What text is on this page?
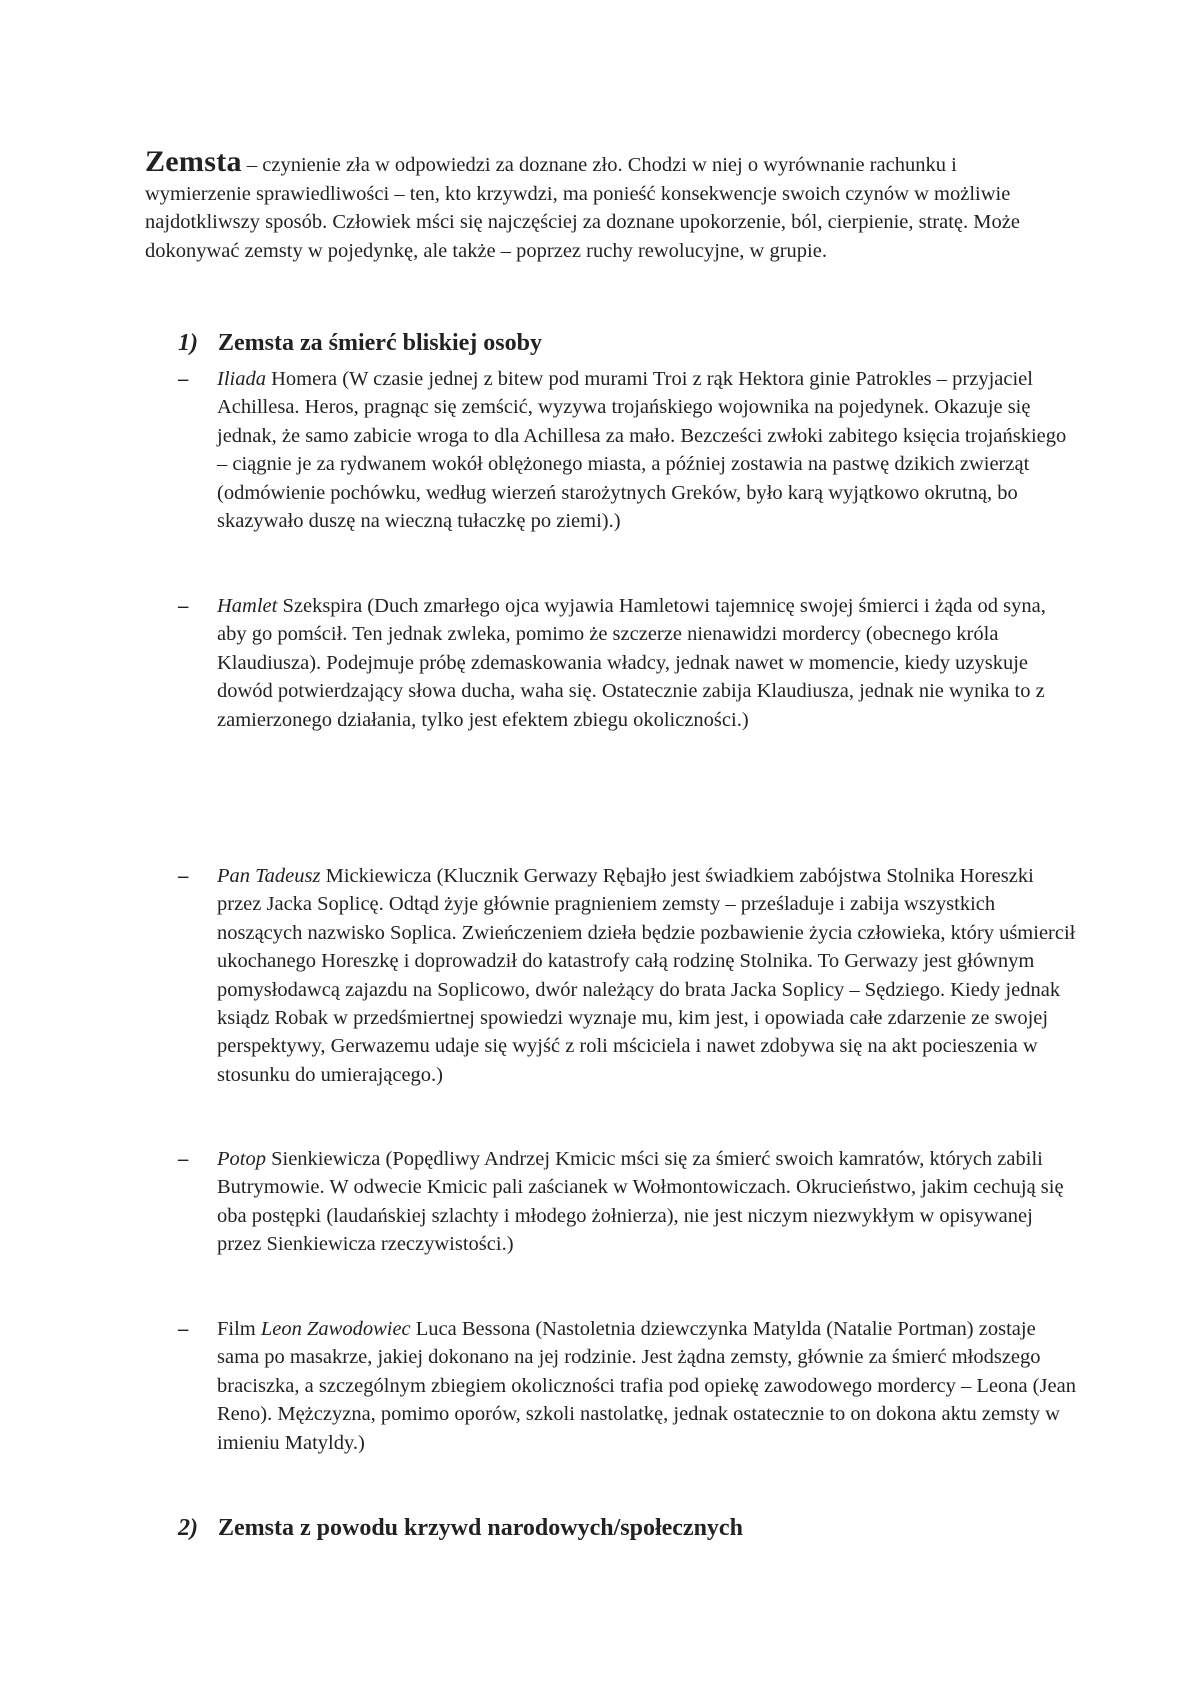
Zemsta – czynienie zła w odpowiedzi za doznane zło. Chodzi w niej o wyrównanie rachunku i wymierzenie sprawiedliwości – ten, kto krzywdzi, ma ponieść konsekwencje swoich czynów w możliwie najdotkliwszy sposób. Człowiek mści się najczęściej za doznane upokorzenie, ból, cierpienie, stratę. Może dokonywać zemsty w pojedynkę, ale także – poprzez ruchy rewolucyjne, w grupie.
1) Zemsta za śmierć bliskiej osoby
–	Iliada Homera (W czasie jednej z bitew pod murami Troi z rąk Hektora ginie Patrokles – przyjaciel Achillesa. Heros, pragnąc się zemścić, wyzywa trojańskiego wojownika na pojedynek. Okazuje się jednak, że samo zabicie wroga to dla Achillesa za mało. Bezcześci zwłoki zabitego księcia trojańskiego – ciągnie je za rydwanem wokół oblężonego miasta, a później zostawia na pastwę dzikich zwierząt (odmówienie pochówku, według wierzeń starożytnych Greków, było karą wyjątkowo okrutną, bo skazywało duszę na wieczną tułaczkę po ziemi).)
–	Hamlet Szekspira (Duch zmarłego ojca wyjawia Hamletowi tajemnicę swojej śmierci i żąda od syna, aby go pomścił. Ten jednak zwleka, pomimo że szczerze nienawidzi mordercy (obecnego króla Klaudiusza). Podejmuje próbę zdemaskowania władcy, jednak nawet w momencie, kiedy uzyskuje dowód potwierdzający słowa ducha, waha się. Ostatecznie zabija Klaudiusza, jednak nie wynika to z zamierzonego działania, tylko jest efektem zbiegu okoliczności.)
–	Pan Tadeusz Mickiewicza (Klucznik Gerwazy Rębajło jest świadkiem zabójstwa Stolnika Horeszki przez Jacka Soplicę. Odtąd żyje głównie pragnieniem zemsty – prześladuje i zabija wszystkich noszących nazwisko Soplica. Zwieńczeniem dzieła będzie pozbawienie życia człowieka, który uśmiercił ukochanego Horeszkę i doprowadził do katastrofy całą rodzinę Stolnika. To Gerwazy jest głównym pomysłodawcą zajazdu na Soplicowo, dwór należący do brata Jacka Soplicy – Sędziego. Kiedy jednak ksiądz Robak w przedśmiertnej spowiedzi wyznaje mu, kim jest, i opowiada całe zdarzenie ze swojej perspektywy, Gerwazemu udaje się wyjść z roli mściciela i nawet zdobywa się na akt pocieszenia w stosunku do umierającego.)
–	Potop Sienkiewicza (Popędliwy Andrzej Kmicic mści się za śmierć swoich kamratów, których zabili Butrymowie. W odwecie Kmicic pali zaścianek w Wołmontowiczach. Okrucieństwo, jakim cechują się oba postępki (laudańskiej szlachty i młodego żołnierza), nie jest niczym niezwykłym w opisywanej przez Sienkiewicza rzeczywistości.)
–	Film Leon Zawodowiec Luca Bessona (Nastoletnia dziewczynka Matylda (Natalie Portman) zostaje sama po masakrze, jakiej dokonano na jej rodzinie. Jest żądna zemsty, głównie za śmierć młodszego braciszka, a szczególnym zbiegiem okoliczności trafia pod opiekę zawodowego mordercy – Leona (Jean Reno). Mężczyzna, pomimo oporów, szkoli nastolatkę, jednak ostatecznie to on dokona aktu zemsty w imieniu Matyldy.)
2) Zemsta z powodu krzywd narodowych/społecznych
